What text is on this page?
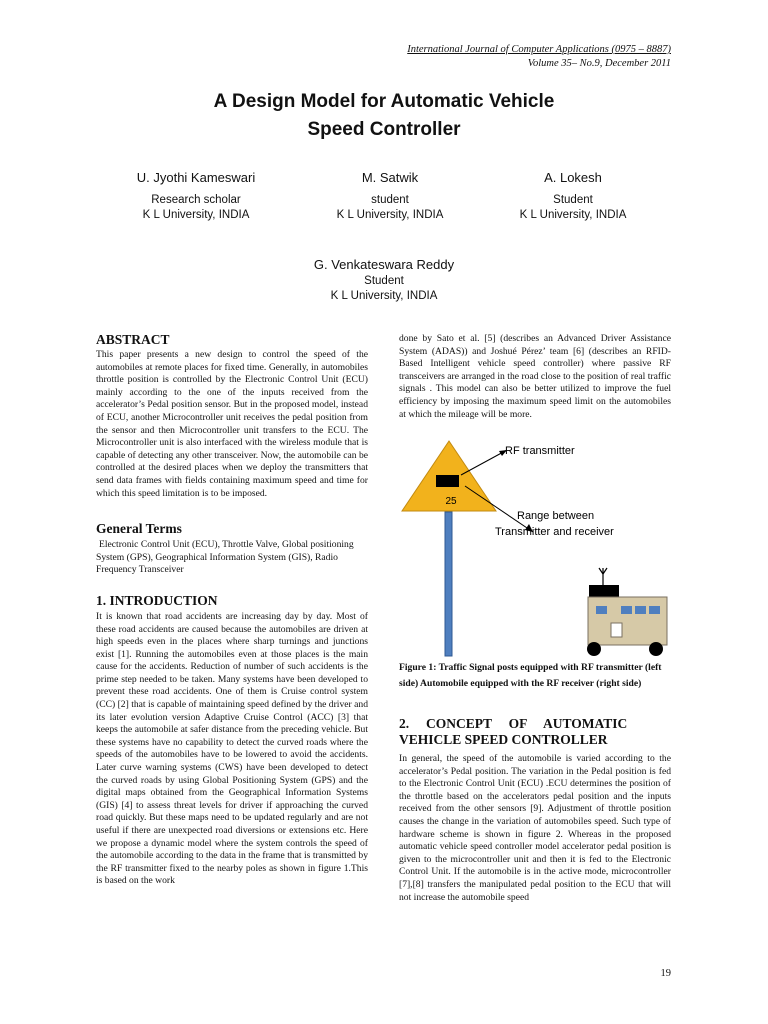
International Journal of Computer Applications (0975 – 8887)
Volume 35– No.9, December 2011
A Design Model for Automatic Vehicle
Speed Controller
U. Jyothi Kameswari
Research scholar
K L University, INDIA
M. Satwik
student
K L University, INDIA
A. Lokesh
Student
K L University, INDIA
G. Venkateswara Reddy
Student
K L University, INDIA
ABSTRACT

This paper presents a new design to control the speed of the automobiles at remote places for fixed time. Generally, in automobiles throttle position is controlled by the Electronic Control Unit (ECU) mainly according to the one of the inputs received from the accelerator’s Pedal position sensor. But in the proposed model, instead of ECU, another Microcontroller unit receives the pedal position from the sensor and then Microcontroller unit transfers to the ECU. The Microcontroller unit is also interfaced with the wireless module that is capable of detecting any other transceiver. Now, the automobile can be controlled at the desired places when we deploy the transmitters that send data frames with fields containing maximum speed and time for which this speed limitation is to be imposed.

General Terms

Electronic Control Unit (ECU), Throttle Valve, Global positioning System (GPS), Geographical Information System (GIS), Radio Frequency Transceiver

1. INTRODUCTION

It is known that road accidents are increasing day by day. Most of these road accidents are caused because the automobiles are driven at high speeds even in the places where sharp turnings and junctions exist [1]. Running the automobiles even at those places is the main cause for the accidents. Reduction of number of such accidents is the prime step needed to be taken. Many systems have been developed to prevent these road accidents. One of them is Cruise control system (CC) [2] that is capable of maintaining speed defined by the driver and its later evolution version Adaptive Cruise Control (ACC) [3] that keeps the automobile at safer distance from the preceding vehicle. But these systems have no capability to detect the curved roads where the speeds of the automobiles have to be lowered to avoid the accidents. Later curve warning systems (CWS) have been developed to detect the curved roads by using Global Positioning System (GPS) and the digital maps obtained from the Geographical Information Systems (GIS) [4] to assess threat levels for driver if approaching the curved road quickly. But these maps need to be updated regularly and are not useful if there are unexpected road diversions or extensions etc. Here we propose a dynamic model where the system controls the speed of the automobile according to the data in the frame that is transmitted by the RF transmitter fixed to the nearby poles as shown in figure 1.This is based on the work

done by Sato et al. [5] (describes an Advanced Driver Assistance System (ADAS)) and Joshué Pérez’ team [6] (describes an RFID-Based Intelligent vehicle speed controller) where passive RF transceivers are arranged in the road close to the position of real traffic signals . This model can also be better utilized to improve the fuel efficiency by imposing the maximum speed limit on the automobiles at which the mileage will be more.

25
RF transmitter
Range between
Transmitter and receiver
Figure 1: Traffic Signal posts equipped with RF transmitter (left side) Automobile equipped with the RF receiver (right side)
2.     CONCEPT     OF     AUTOMATIC
VEHICLE SPEED CONTROLLER

In general, the speed of the automobile is varied according to the accelerator’s Pedal position. The variation in the Pedal position is fed to the Electronic Control Unit (ECU) .ECU determines the position of the throttle based on the accelerators pedal position and the inputs received from the other sensors [9]. Adjustment of throttle position causes the change in the variation of automobiles speed. Such type of hardware scheme is shown in figure 2. Whereas in the proposed automatic vehicle speed controller model accelerator pedal position is given to the microcontroller unit and then it is fed to the Electronic Control Unit. If the automobile is in the active mode, microcontroller [7],[8] transfers the manipulated pedal position to the ECU that will not increase the automobile speed

19
